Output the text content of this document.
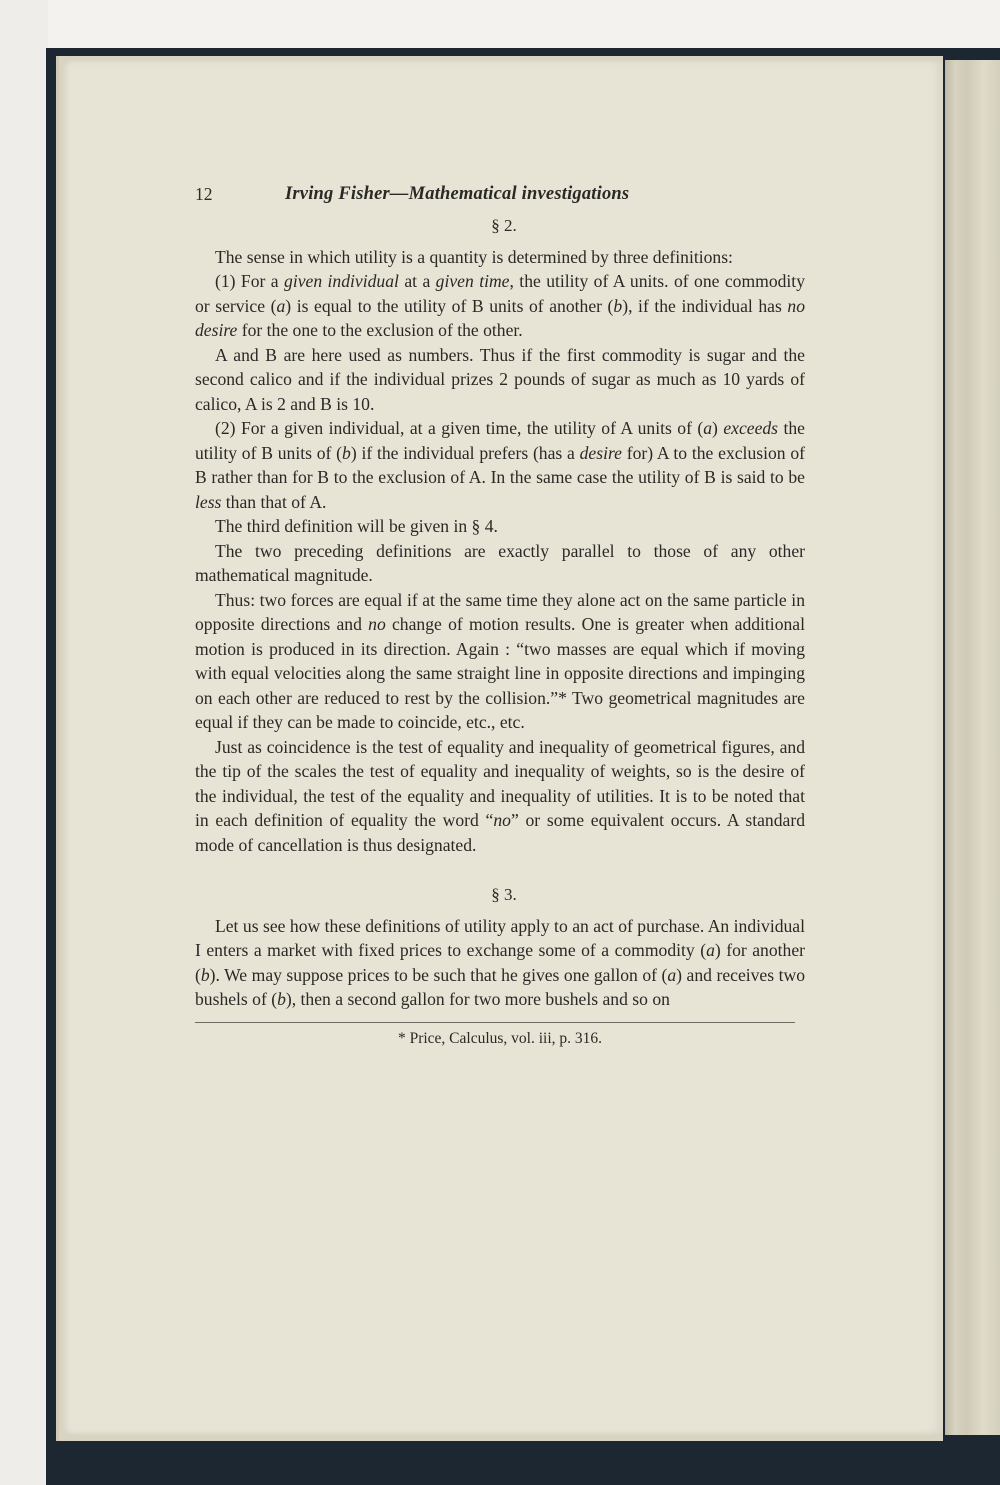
12	Irving Fisher—Mathematical investigations
§ 2.

The sense in which utility is a quantity is determined by three definitions:

(1) For a given individual at a given time, the utility of A units. of one commodity or service (a) is equal to the utility of B units of another (b), if the individual has no desire for the one to the exclusion of the other.

A and B are here used as numbers. Thus if the first commodity is sugar and the second calico and if the individual prizes 2 pounds of sugar as much as 10 yards of calico, A is 2 and B is 10.

(2) For a given individual, at a given time, the utility of A units of (a) exceeds the utility of B units of (b) if the individual prefers (has a desire for) A to the exclusion of B rather than for B to the exclusion of A. In the same case the utility of B is said to be less than that of A.

The third definition will be given in § 4.

The two preceding definitions are exactly parallel to those of any other mathematical magnitude.

Thus: two forces are equal if at the same time they alone act on the same particle in opposite directions and no change of motion results. One is greater when additional motion is produced in its direction. Again : “two masses are equal which if moving with equal velocities along the same straight line in opposite directions and impinging on each other are reduced to rest by the collision.”* Two geometrical magnitudes are equal if they can be made to coincide, etc., etc.

Just as coincidence is the test of equality and inequality of geometrical figures, and the tip of the scales the test of equality and inequality of weights, so is the desire of the individual, the test of the equality and inequality of utilities. It is to be noted that in each definition of equality the word “no” or some equivalent occurs. A standard mode of cancellation is thus designated.

§ 3.

Let us see how these definitions of utility apply to an act of purchase. An individual I enters a market with fixed prices to exchange some of a commodity (a) for another (b). We may suppose prices to be such that he gives one gallon of (a) and receives two bushels of (b), then a second gallon for two more bushels and so on

* Price, Calculus, vol. iii, p. 316.
